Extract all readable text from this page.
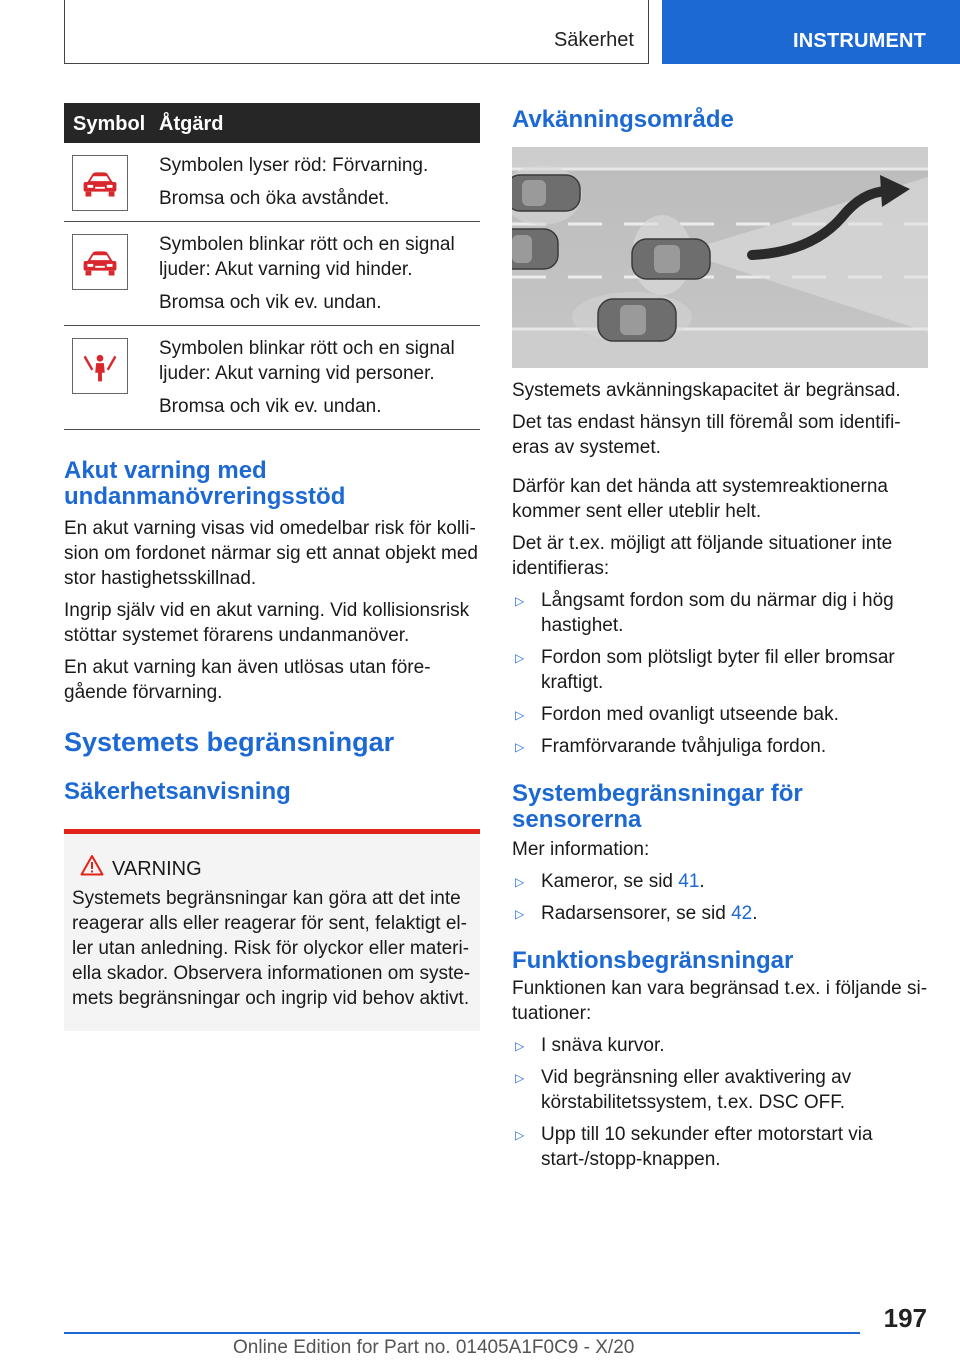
Säkerhet	INSTRUMENT
Symbol Åtgärd

Symbolen lyser röd: Förvarning.

Bromsa och öka avståndet.

Symbolen blinkar rött och en signal ljuder: Akut varning vid hinder.

Bromsa och vik ev. undan.

Symbolen blinkar rött och en signal ljuder: Akut varning vid personer.

Bromsa och vik ev. undan.

Akut varning med undanmanövreringsstöd

En akut varning visas vid omedelbar risk för kollision om fordonet närmar sig ett annat objekt med stor hastighetsskillnad.

Ingrip själv vid en akut varning. Vid kollisionsrisk stöttar systemet förarens undanmanöver.

En akut varning kan även utlösas utan föregående förvarning.

Systemets begränsningar
Säkerhetsanvisning
VARNING

Systemets begränsningar kan göra att det inte reagerar alls eller reagerar för sent, felaktigt eller utan anledning. Risk för olyckor eller materiella skador. Observera informationen om systemets begränsningar och ingrip vid behov aktivt.

Avkänningsområde

Systemets avkänningskapacitet är begränsad.

Det tas endast hänsyn till föremål som identifieras av systemet.

Därför kan det hända att systemreaktionerna kommer sent eller uteblir helt.

Det är t.ex. möjligt att följande situationer inte identifieras:

▷ Långsamt fordon som du närmar dig i hög hastighet.
▷ Fordon som plötsligt byter fil eller bromsar kraftigt.
▷ Fordon med ovanligt utseende bak.
▷ Framförvarande tvåhjuliga fordon.
Systembegränsningar för sensorerna

Mer information:

▷ Kameror, se sid 41.
▷ Radarsensorer, se sid 42.
Funktionsbegränsningar

Funktionen kan vara begränsad t.ex. i följande situationer:

▷ I snäva kurvor.
▷ Vid begränsning eller avaktivering av körstabilitetssystem, t.ex. DSC OFF.
▷ Upp till 10 sekunder efter motorstart via start-/stopp-knappen.
197
Online Edition for Part no. 01405A1F0C9 - X/20
